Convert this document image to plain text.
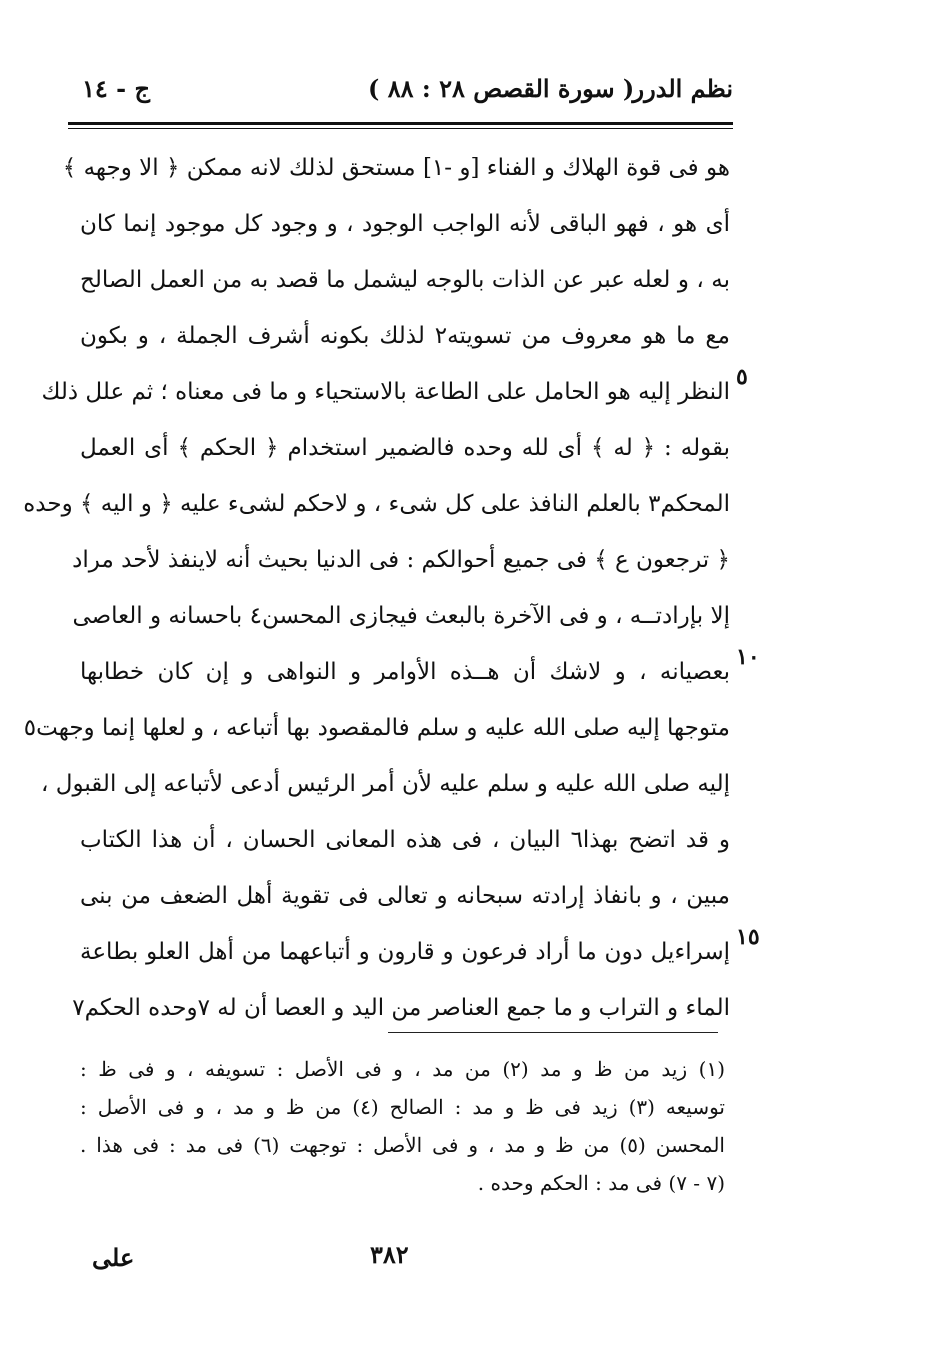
نظم الدرر
( سورة القصص ٢٨ : ٨٨ )
ج - ١٤
هو فى قوة الهلاك و الفناء [و -١] مستحق لذلك لانه ممكن ﴿ الا وجهه ﴾
أى هو ، فهو الباقى لأنه الواجب الوجود ، و وجود كل موجود إنما كان
به ، و لعله عبر عن الذات بالوجه ليشمل ما قصد به من العمل الصالح
مع ما هو معروف من تسويته٢ لذلك بكونه أشرف الجملة ، و بكون
النظر إليه هو الحامل على الطاعة بالاستحياء و ما فى معناه ؛ ثم علل ذلك
بقوله : ﴿ له ﴾ أى لله وحده فالضمير استخدام ﴿ الحكم ﴾ أى العمل
المحكم٣ بالعلم النافذ على كل شىء ، و لاحكم لشىء عليه ﴿ و اليه ﴾ وحده
﴿ ترجعون ع ﴾ فى جميع أحوالكم : فى الدنيا بحيث أنه لاينفذ لأحد مراد
إلا بإرادتــه ، و فى الآخرة بالبعث فيجازى المحسن٤ باحسانه و العاصى
بعصيانه ، و لاشك أن هــذه الأوامر و النواهى و إن كان خطابها
متوجها إليه صلى الله عليه و سلم فالمقصود بها أتباعه ، و لعلها إنما وجهت٥
إليه صلى الله عليه و سلم عليه لأن أمر الرئيس أدعى لأتباعه إلى القبول ،
و قد اتضح بهذا٦ البيان ، فى هذه المعانى الحسان ، أن هذا الكتاب
مبين ، و بانفاذ إرادته سبحانه و تعالى فى تقوية أهل الضعف من بنى
إسراءيل دون ما أراد فرعون و قارون و أتباعهما من أهل العلو بطاعة
الماء و التراب و ما جمع العناصر من اليد و العصا أن له ٧وحده الحكم٧
٥
١٠
١٥
(١) زيد من ظ و مد (٢) من مد ، و فى الأصل : تسويفه ، و فى ظ :
توسيعه (٣) زيد فى ظ و مد : الصالح (٤) من ظ و مد ، و فى الأصل :
المحسن (٥) من ظ و مد ، و فى الأصل : توجهت (٦) فى مد : فى هذا .
(٧ - ٧) فى مد : الحكم وحده .
٣٨٢
على
